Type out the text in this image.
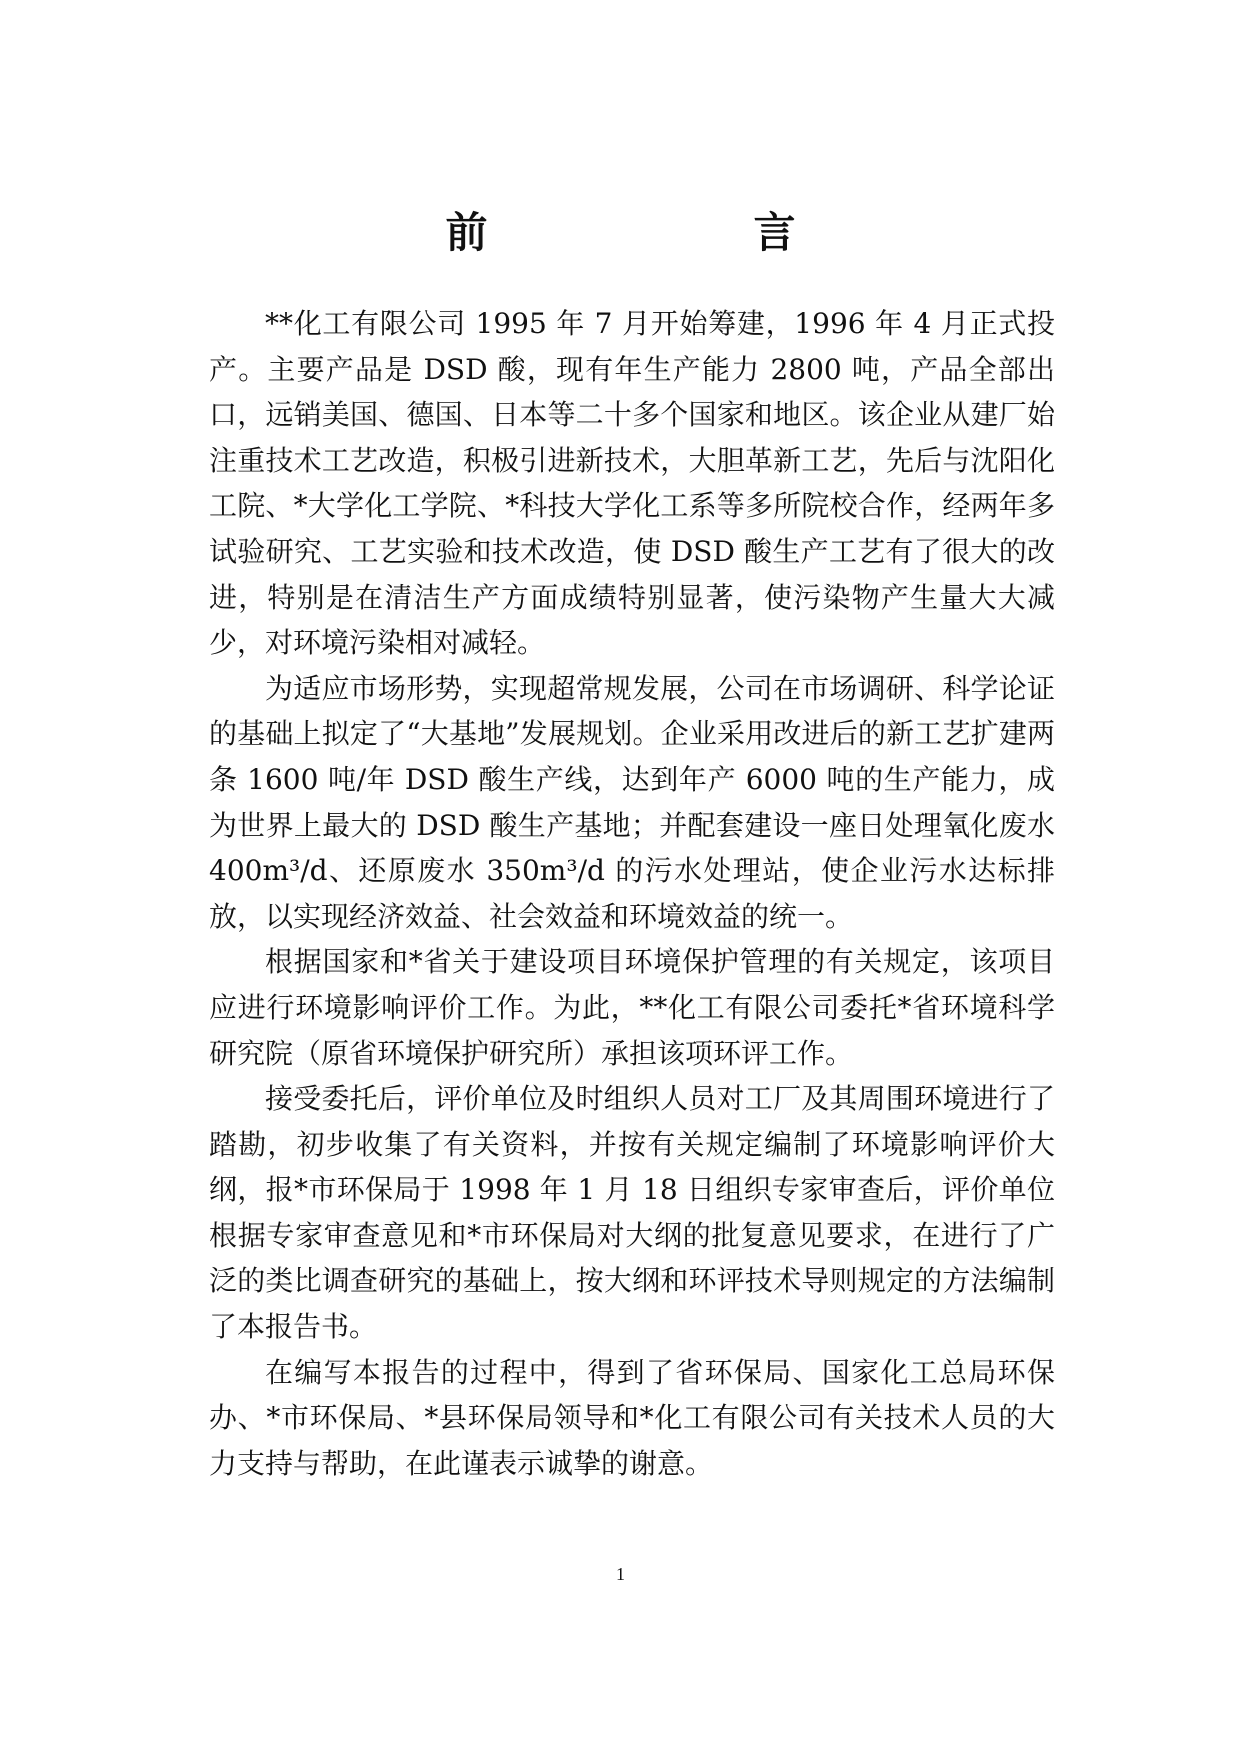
前　言

**化工有限公司 1995 年 7 月开始筹建，1996 年 4 月正式投产。主要产品是 DSD 酸，现有年生产能力 2800 吨，产品全部出口，远销美国、德国、日本等二十多个国家和地区。该企业从建厂始注重技术工艺改造，积极引进新技术，大胆革新工艺，先后与沈阳化工院、*大学化工学院、*科技大学化工系等多所院校合作，经两年多试验研究、工艺实验和技术改造，使 DSD 酸生产工艺有了很大的改进，特别是在清洁生产方面成绩特别显著，使污染物产生量大大减少，对环境污染相对减轻。

为适应市场形势，实现超常规发展，公司在市场调研、科学论证的基础上拟定了“大基地”发展规划。企业采用改进后的新工艺扩建两条 1600 吨/年 DSD 酸生产线，达到年产 6000 吨的生产能力，成为世界上最大的 DSD 酸生产基地；并配套建设一座日处理氧化废水 400m³/d、还原废水 350m³/d 的污水处理站，使企业污水达标排放，以实现经济效益、社会效益和环境效益的统一。

根据国家和*省关于建设项目环境保护管理的有关规定，该项目应进行环境影响评价工作。为此，**化工有限公司委托*省环境科学研究院（原省环境保护研究所）承担该项环评工作。

接受委托后，评价单位及时组织人员对工厂及其周围环境进行了踏勘，初步收集了有关资料，并按有关规定编制了环境影响评价大纲，报*市环保局于 1998 年 1 月 18 日组织专家审查后，评价单位根据专家审查意见和*市环保局对大纲的批复意见要求，在进行了广泛的类比调查研究的基础上，按大纲和环评技术导则规定的方法编制了本报告书。

在编写本报告的过程中，得到了省环保局、国家化工总局环保办、*市环保局、*县环保局领导和*化工有限公司有关技术人员的大力支持与帮助，在此谨表示诚挚的谢意。

1
